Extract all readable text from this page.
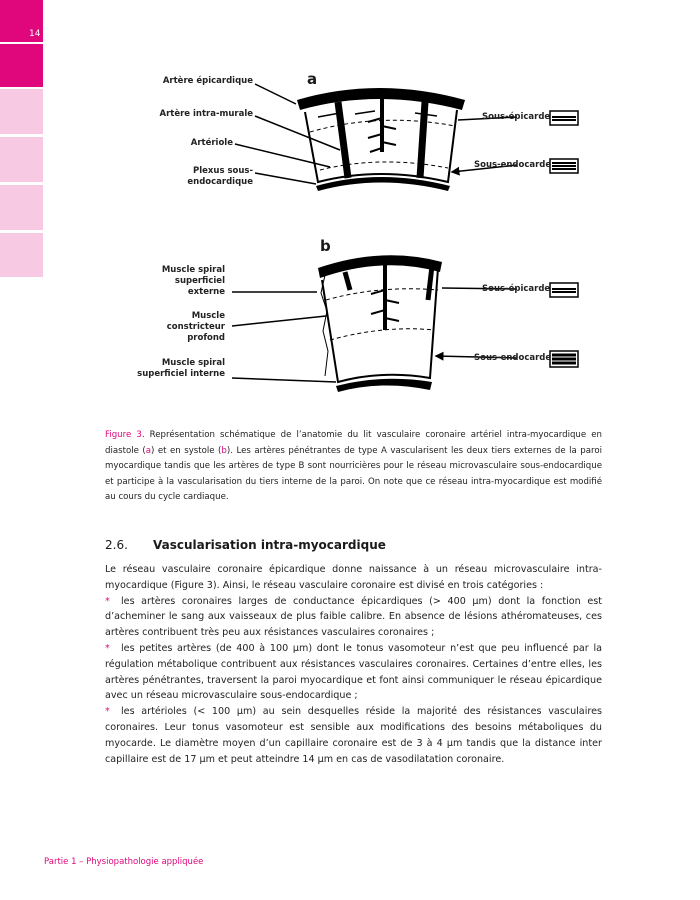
14
a
Artère épicardique
Artère intra-murale
Artériole
Plexus sous-endocardique
Sous-épicarde
Sous-endocarde
b
Muscle spiral superficiel externe
Muscle constricteur profond
Muscle spiral superficiel interne
Sous-épicarde
Sous-endocarde
Figure 3. Représentation schématique de l’anatomie du lit vasculaire coronaire artériel intra-myocardique en diastole (a) et en systole (b). Les artères pénétrantes de type A vascularisent les deux tiers externes de la paroi myocardique tandis que les artères de type B sont nourricières pour le réseau microvasculaire sous-endocardique et participe à la vascularisation du tiers interne de la paroi. On note que ce réseau intra-myocardique est modifié au cours du cycle cardiaque.
2.6. Vascularisation intra-myocardique

Le réseau vasculaire coronaire épicardique donne naissance à un réseau microvasculaire intra-myocardique (Figure 3). Ainsi, le réseau vasculaire coronaire est divisé en trois catégories :

* les artères coronaires larges de conductance épicardiques (> 400 µm) dont la fonction est d’acheminer le sang aux vaisseaux de plus faible calibre. En absence de lésions athéromateuses, ces artères contribuent très peu aux résistances vasculaires coronaires ;

* les petites artères (de 400 à 100 µm) dont le tonus vasomoteur n’est que peu influencé par la régulation métabolique contribuent aux résistances vasculaires coronaires. Certaines d’entre elles, les artères pénétrantes, traversent la paroi myocardique et font ainsi communiquer le réseau épicardique avec un réseau microvasculaire sous-endocardique ;

* les artérioles (< 100 µm) au sein desquelles réside la majorité des résistances vasculaires coronaires. Leur tonus vasomoteur est sensible aux modifications des besoins métaboliques du myocarde. Le diamètre moyen d’un capillaire coronaire est de 3 à 4 µm tandis que la distance inter capillaire est de 17 µm et peut atteindre 14 µm en cas de vasodilatation coronaire.

Partie 1 – Physiopathologie appliquée
